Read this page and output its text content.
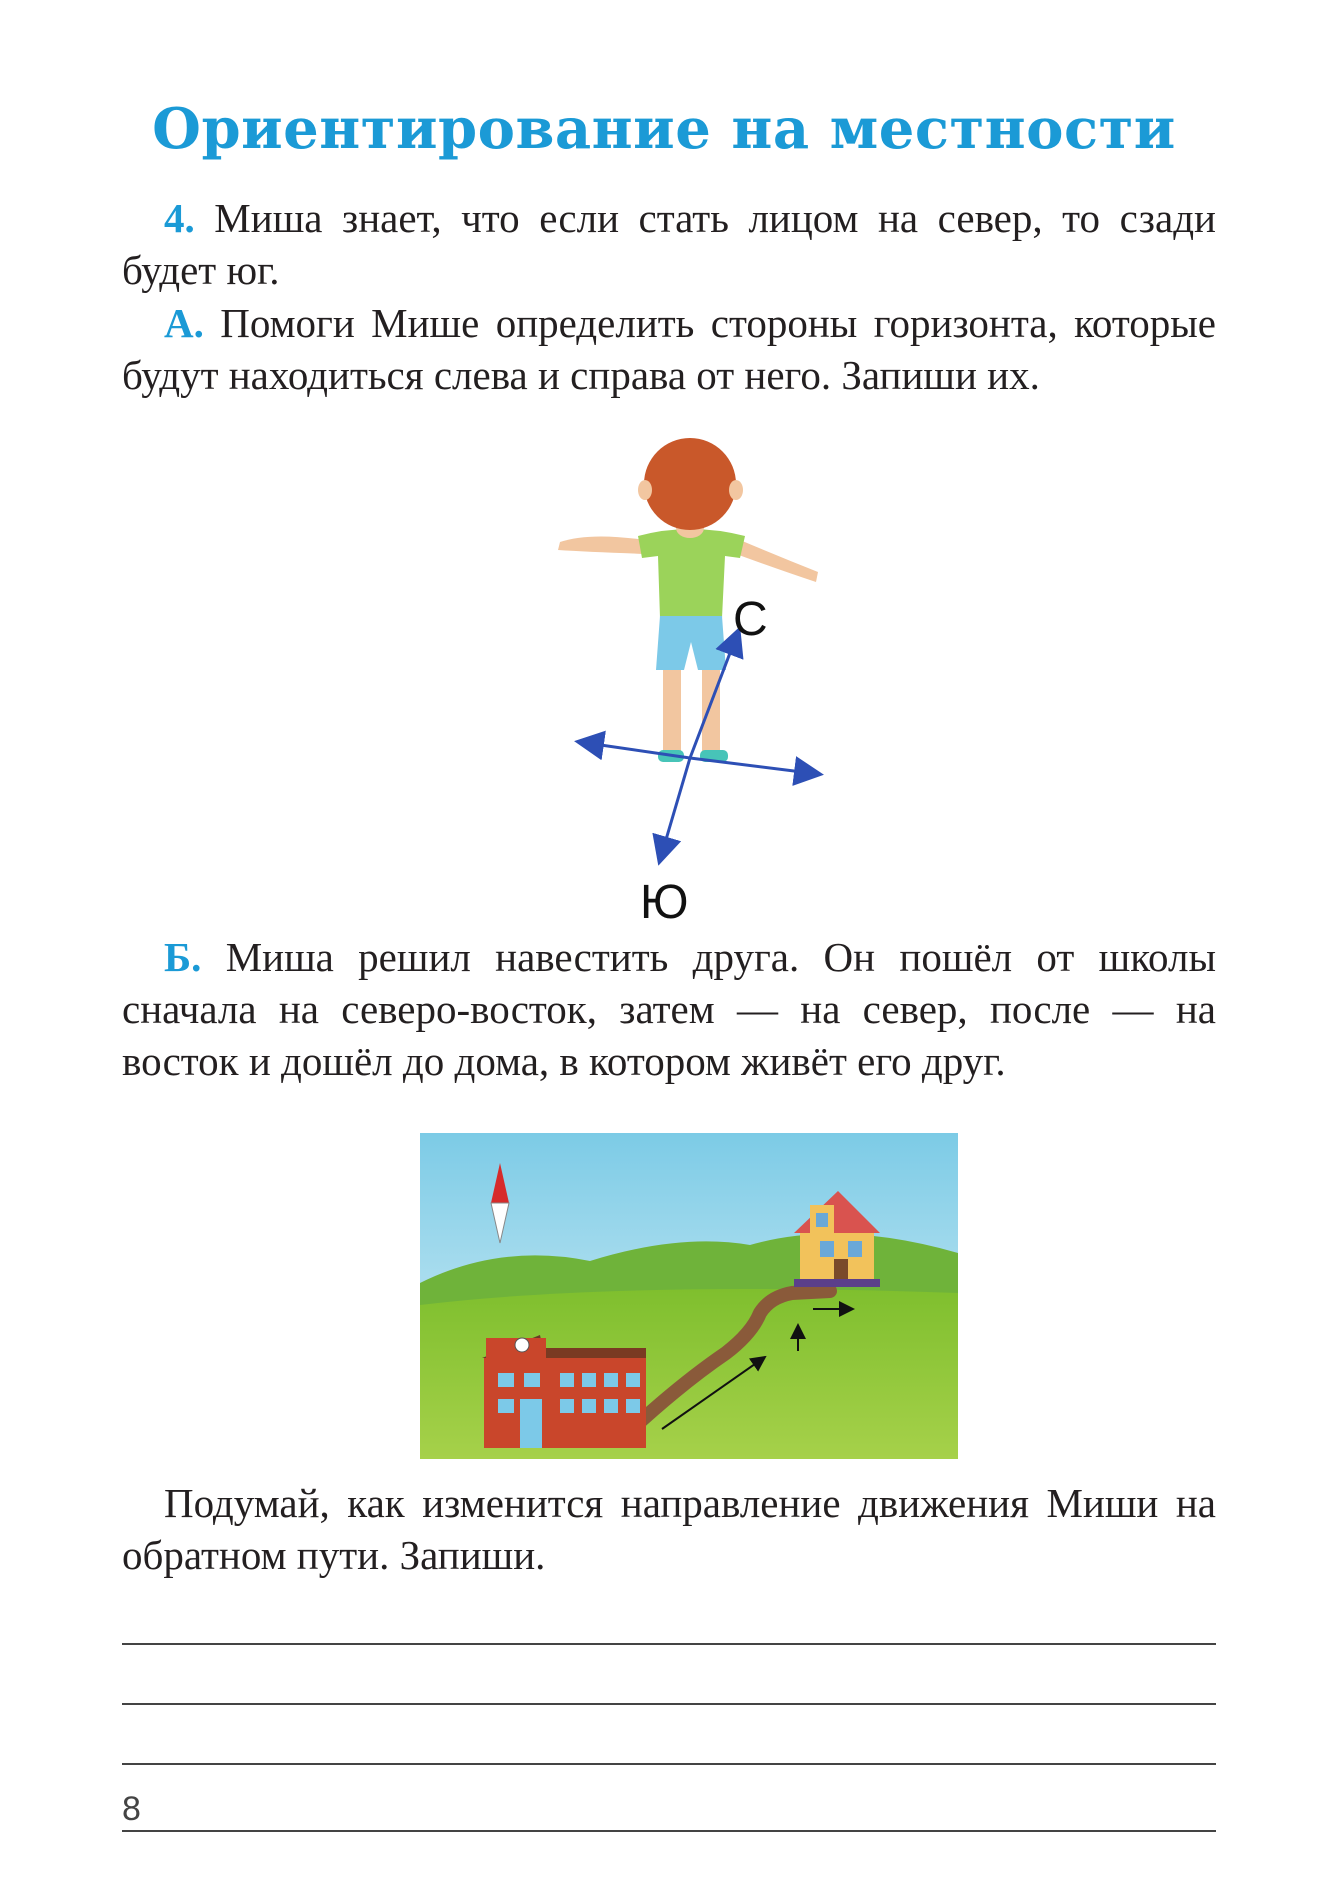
Ориентирование на местности
4. Миша знает, что если стать лицом на север, то сзади будет юг.
А. Помоги Мише определить стороны горизонта, которые будут находиться слева и справа от него. Запиши их.
С
Ю
Б. Миша решил навестить друга. Он пошёл от школы сначала на северо-восток, затем — на север, после — на восток и дошёл до дома, в котором живёт его друг.
Подумай, как изменится направление движения Миши на обратном пути. Запиши.
8
